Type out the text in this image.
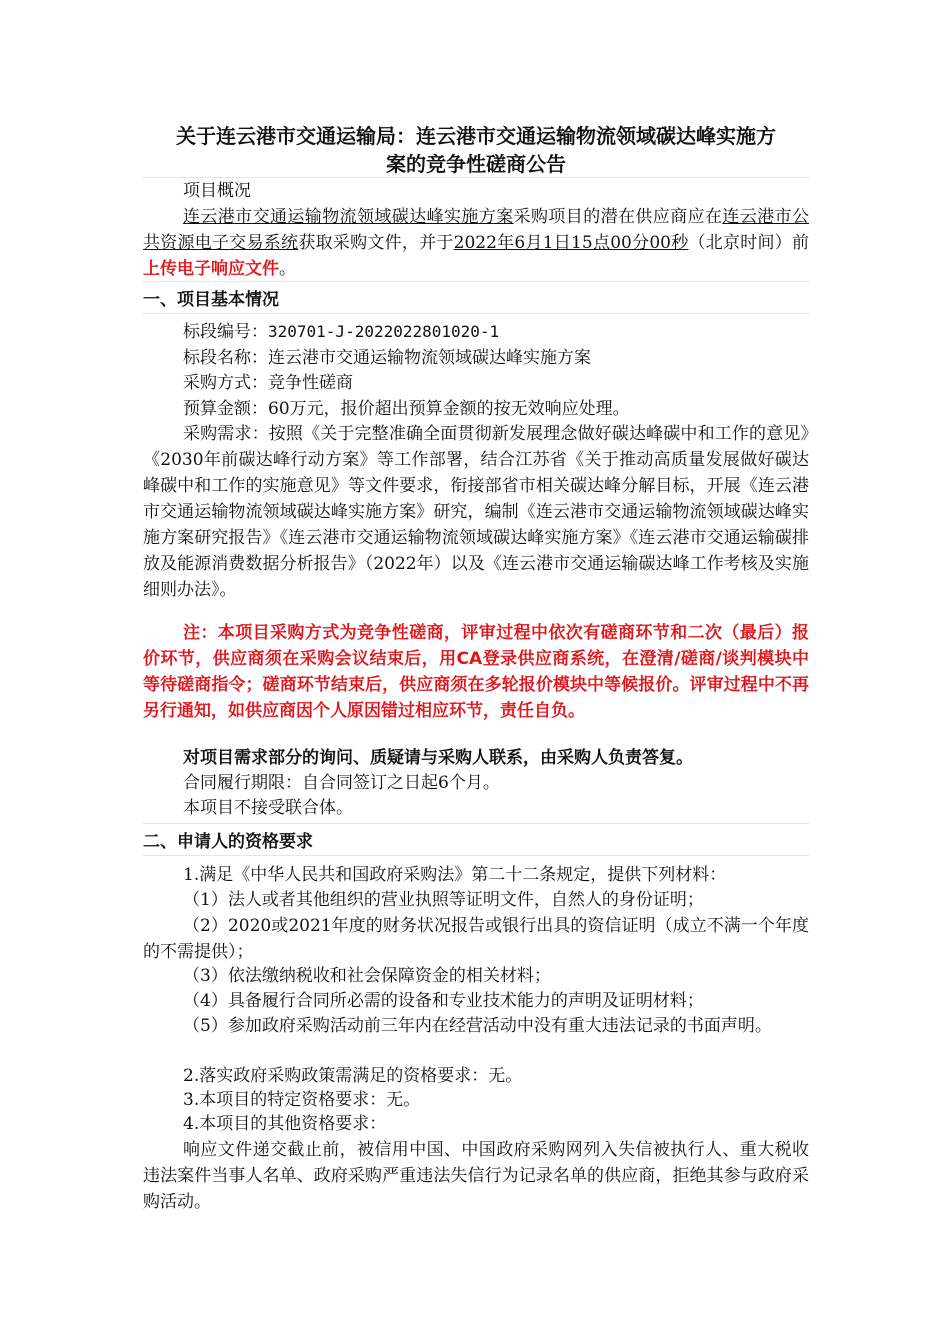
关于连云港市交通运输局：连云港市交通运输物流领域碳达峰实施方
案的竞争性磋商公告
项目概况
连云港市交通运输物流领域碳达峰实施方案采购项目的潜在供应商应在连云港市公共资源电子交易系统获取采购文件，并于2022年6月1日15点00分00秒（北京时间）前上传电子响应文件。
一、项目基本情况
标段编号：320701-J-2022022801020-1
标段名称：连云港市交通运输物流领域碳达峰实施方案
采购方式：竞争性磋商
预算金额：60万元，报价超出预算金额的按无效响应处理。
采购需求：按照《关于完整准确全面贯彻新发展理念做好碳达峰碳中和工作的意见》《2030年前碳达峰行动方案》等工作部署，结合江苏省《关于推动高质量发展做好碳达峰碳中和工作的实施意见》等文件要求，衔接部省市相关碳达峰分解目标，开展《连云港市交通运输物流领域碳达峰实施方案》研究，编制《连云港市交通运输物流领域碳达峰实施方案研究报告》《连云港市交通运输物流领域碳达峰实施方案》《连云港市交通运输碳排放及能源消费数据分析报告》（2022年）以及《连云港市交通运输碳达峰工作考核及实施细则办法》。
注：本项目采购方式为竞争性磋商，评审过程中依次有磋商环节和二次（最后）报价环节，供应商须在采购会议结束后，用CA登录供应商系统，在澄清/磋商/谈判模块中等待磋商指令；磋商环节结束后，供应商须在多轮报价模块中等候报价。评审过程中不再另行通知，如供应商因个人原因错过相应环节，责任自负。
对项目需求部分的询问、质疑请与采购人联系，由采购人负责答复。
合同履行期限：自合同签订之日起6个月。
本项目不接受联合体。
二、申请人的资格要求
1.满足《中华人民共和国政府采购法》第二十二条规定，提供下列材料：
（1）法人或者其他组织的营业执照等证明文件，自然人的身份证明；
（2）2020或2021年度的财务状况报告或银行出具的资信证明（成立不满一个年度的不需提供）；
（3）依法缴纳税收和社会保障资金的相关材料；
（4）具备履行合同所必需的设备和专业技术能力的声明及证明材料；
（5）参加政府采购活动前三年内在经营活动中没有重大违法记录的书面声明。
2.落实政府采购政策需满足的资格要求：无。
3.本项目的特定资格要求：无。
4.本项目的其他资格要求：
响应文件递交截止前，被信用中国、中国政府采购网列入失信被执行人、重大税收违法案件当事人名单、政府采购严重违法失信行为记录名单的供应商，拒绝其参与政府采购活动。
